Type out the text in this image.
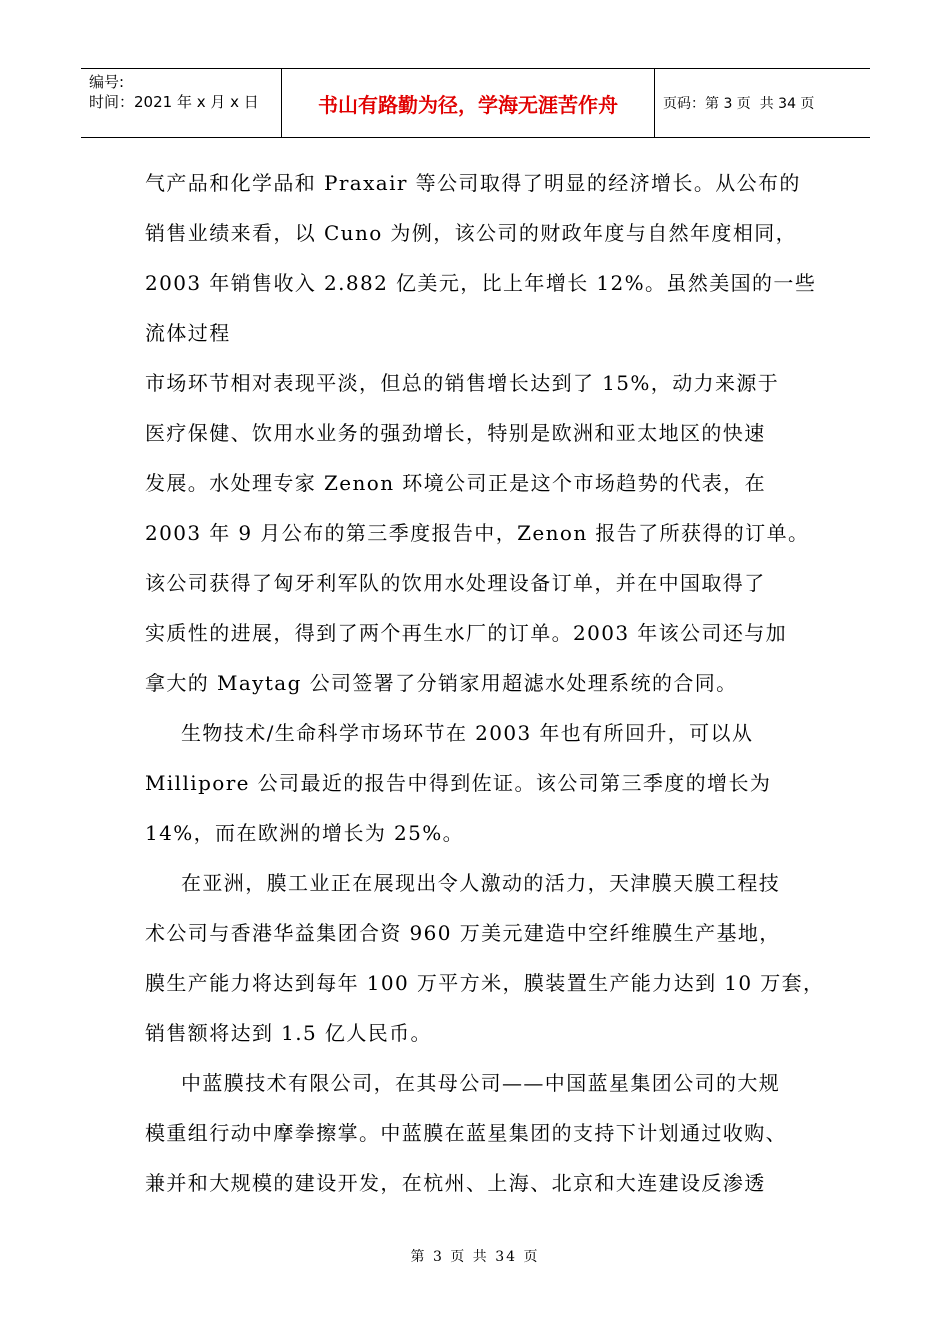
编号:
时间：2021 年 x 月 x 日	书山有路勤为径，学海无涯苦作舟	页码：第 3 页  共 34 页
气产品和化学品和 Praxair 等公司取得了明显的经济增长。从公布的
销售业绩来看，以 Cuno 为例，该公司的财政年度与自然年度相同，
2003 年销售收入 2.882 亿美元，比上年增长 12%。虽然美国的一些
流体过程
市场环节相对表现平淡，但总的销售增长达到了 15%，动力来源于
医疗保健、饮用水业务的强劲增长，特别是欧洲和亚太地区的快速
发展。水处理专家 Zenon 环境公司正是这个市场趋势的代表，在
2003 年 9 月公布的第三季度报告中，Zenon 报告了所获得的订单。
该公司获得了匈牙利军队的饮用水处理设备订单，并在中国取得了
实质性的进展，得到了两个再生水厂的订单。2003 年该公司还与加
拿大的 Maytag 公司签署了分销家用超滤水处理系统的合同。
生物技术/生命科学市场环节在 2003 年也有所回升，可以从
Millipore 公司最近的报告中得到佐证。该公司第三季度的增长为
14%，而在欧洲的增长为 25%。
在亚洲，膜工业正在展现出令人激动的活力，天津膜天膜工程技
术公司与香港华益集团合资 960 万美元建造中空纤维膜生产基地，
膜生产能力将达到每年 100 万平方米，膜装置生产能力达到 10 万套，
销售额将达到 1.5 亿人民币。
中蓝膜技术有限公司，在其母公司——中国蓝星集团公司的大规
模重组行动中摩拳擦掌。中蓝膜在蓝星集团的支持下计划通过收购、
兼并和大规模的建设开发，在杭州、上海、北京和大连建设反渗透
第 3 页 共 34 页
